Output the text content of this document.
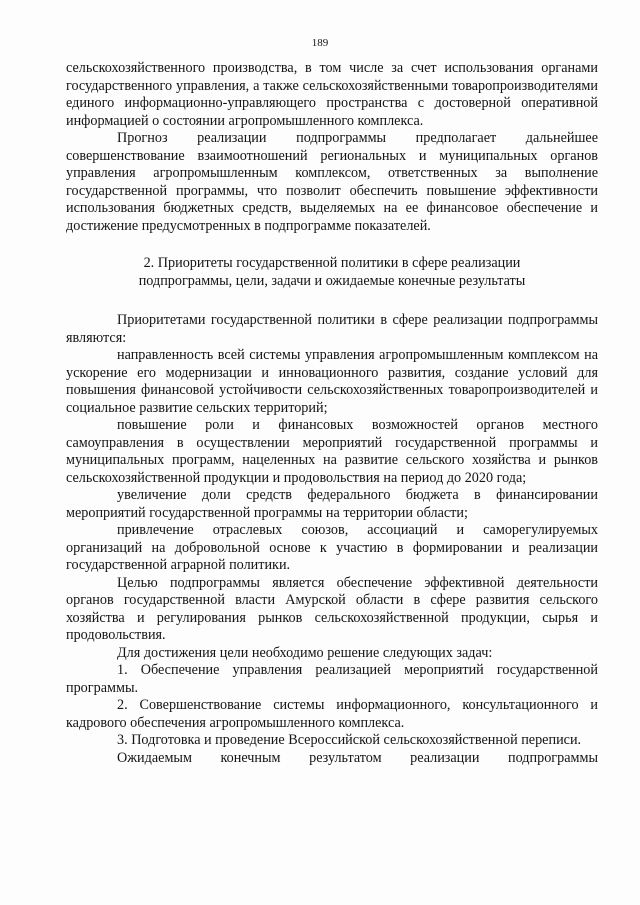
189

сельскохозяйственного производства, в том числе за счет использования органами государственного управления, а также сельскохозяйственными товаропроизводителями единого информационно-управляющего пространства с достоверной оперативной информацией о состоянии агропромышленного комплекса.

Прогноз реализации подпрограммы предполагает дальнейшее совершенствование взаимоотношений региональных и муниципальных органов управления агропромышленным комплексом, ответственных за выполнение государственной программы, что позволит обеспечить повышение эффективности использования бюджетных средств, выделяемых на ее финансовое обеспечение и достижение предусмотренных в подпрограмме показателей.

2. Приоритеты государственной политики в сфере реализации
подпрограммы, цели, задачи и ожидаемые конечные результаты

Приоритетами государственной политики в сфере реализации подпрограммы являются:

направленность всей системы управления агропромышленным комплексом на ускорение его модернизации и инновационного развития, создание условий для повышения финансовой устойчивости сельскохозяйственных товаропроизводителей и социальное развитие сельских территорий;

повышение роли и финансовых возможностей органов местного самоуправления в осуществлении мероприятий государственной программы и муниципальных программ, нацеленных на развитие сельского хозяйства и рынков сельскохозяйственной продукции и продовольствия на период до 2020 года;

увеличение доли средств федерального бюджета в финансировании мероприятий государственной программы на территории области;

привлечение отраслевых союзов, ассоциаций и саморегулируемых организаций на добровольной основе к участию в формировании и реализации государственной аграрной политики.

Целью подпрограммы является обеспечение эффективной деятельности органов государственной власти Амурской области в сфере развития сельского хозяйства и регулирования рынков сельскохозяйственной продукции, сырья и продовольствия.

Для достижения цели необходимо решение следующих задач:

1. Обеспечение управления реализацией мероприятий государственной программы.

2. Совершенствование системы информационного, консультационного и кадрового обеспечения агропромышленного комплекса.

3. Подготовка и проведение Всероссийской сельскохозяйственной переписи.

Ожидаемым конечным результатом реализации подпрограммы
